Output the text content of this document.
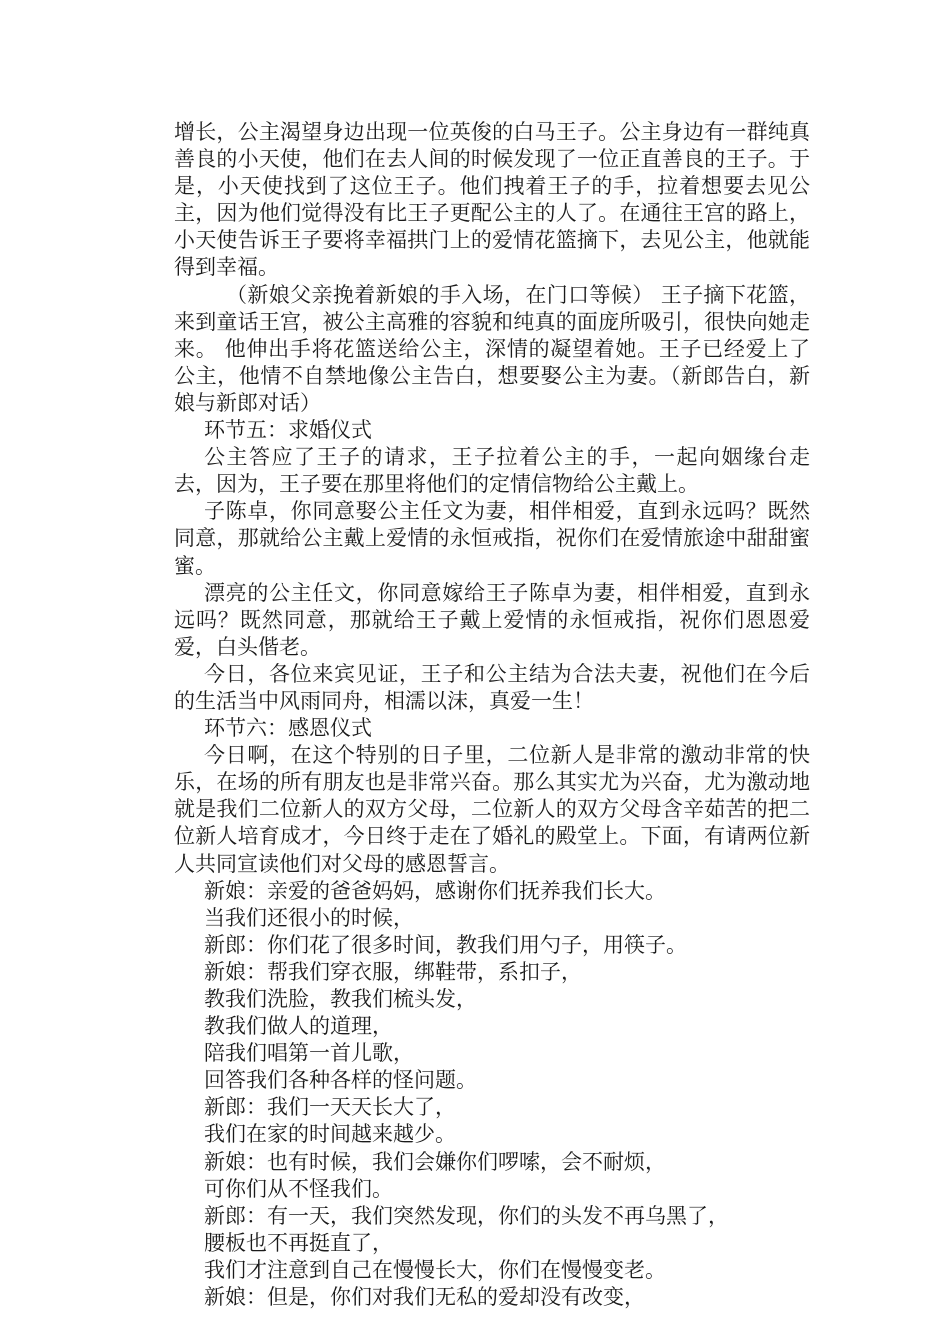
增长，公主渴望身边出现一位英俊的白马王子。公主身边有一群纯真善良的小天使，他们在去人间的时候发现了一位正直善良的王子。于是，小天使找到了这位王子。他们拽着王子的手，拉着想要去见公主，因为他们觉得没有比王子更配公主的人了。在通往王宫的路上，小天使告诉王子要将幸福拱门上的爱情花篮摘下，去见公主，他就能得到幸福。

（新娘父亲挽着新娘的手入场，在门口等候） 王子摘下花篮，来到童话王宫，被公主高雅的容貌和纯真的面庞所吸引，很快向她走来。 他伸出手将花篮送给公主，深情的凝望着她。王子已经爱上了公主，他情不自禁地像公主告白，想要娶公主为妻。（新郎告白，新娘与新郎对话）

环节五：求婚仪式

公主答应了王子的请求，王子拉着公主的手，一起向姻缘台走去，因为，王子要在那里将他们的定情信物给公主戴上。

子陈卓，你同意娶公主任文为妻，相伴相爱，直到永远吗？既然同意，那就给公主戴上爱情的永恒戒指，祝你们在爱情旅途中甜甜蜜蜜。

漂亮的公主任文，你同意嫁给王子陈卓为妻，相伴相爱，直到永远吗？既然同意，那就给王子戴上爱情的永恒戒指，祝你们恩恩爱爱，白头偕老。

今日，各位来宾见证，王子和公主结为合法夫妻，祝他们在今后的生活当中风雨同舟，相濡以沫，真爱一生！

环节六：感恩仪式

今日啊，在这个特别的日子里，二位新人是非常的激动非常的快乐，在场的所有朋友也是非常兴奋。那么其实尤为兴奋，尤为激动地就是我们二位新人的双方父母，二位新人的双方父母含辛茹苦的把二位新人培育成才，今日终于走在了婚礼的殿堂上。下面，有请两位新人共同宣读他们对父母的感恩誓言。

新娘：亲爱的爸爸妈妈，感谢你们抚养我们长大。

当我们还很小的时候，

新郎：你们花了很多时间，教我们用勺子，用筷子。

新娘：帮我们穿衣服，绑鞋带，系扣子，

教我们洗脸，教我们梳头发，

教我们做人的道理，

陪我们唱第一首儿歌，

回答我们各种各样的怪问题。

新郎：我们一天天长大了，

我们在家的时间越来越少。

新娘：也有时候，我们会嫌你们啰嗦，会不耐烦，

可你们从不怪我们。

新郎：有一天，我们突然发现，你们的头发不再乌黑了，

腰板也不再挺直了，

我们才注意到自己在慢慢长大，你们在慢慢变老。

新娘：但是，你们对我们无私的爱却没有改变，
